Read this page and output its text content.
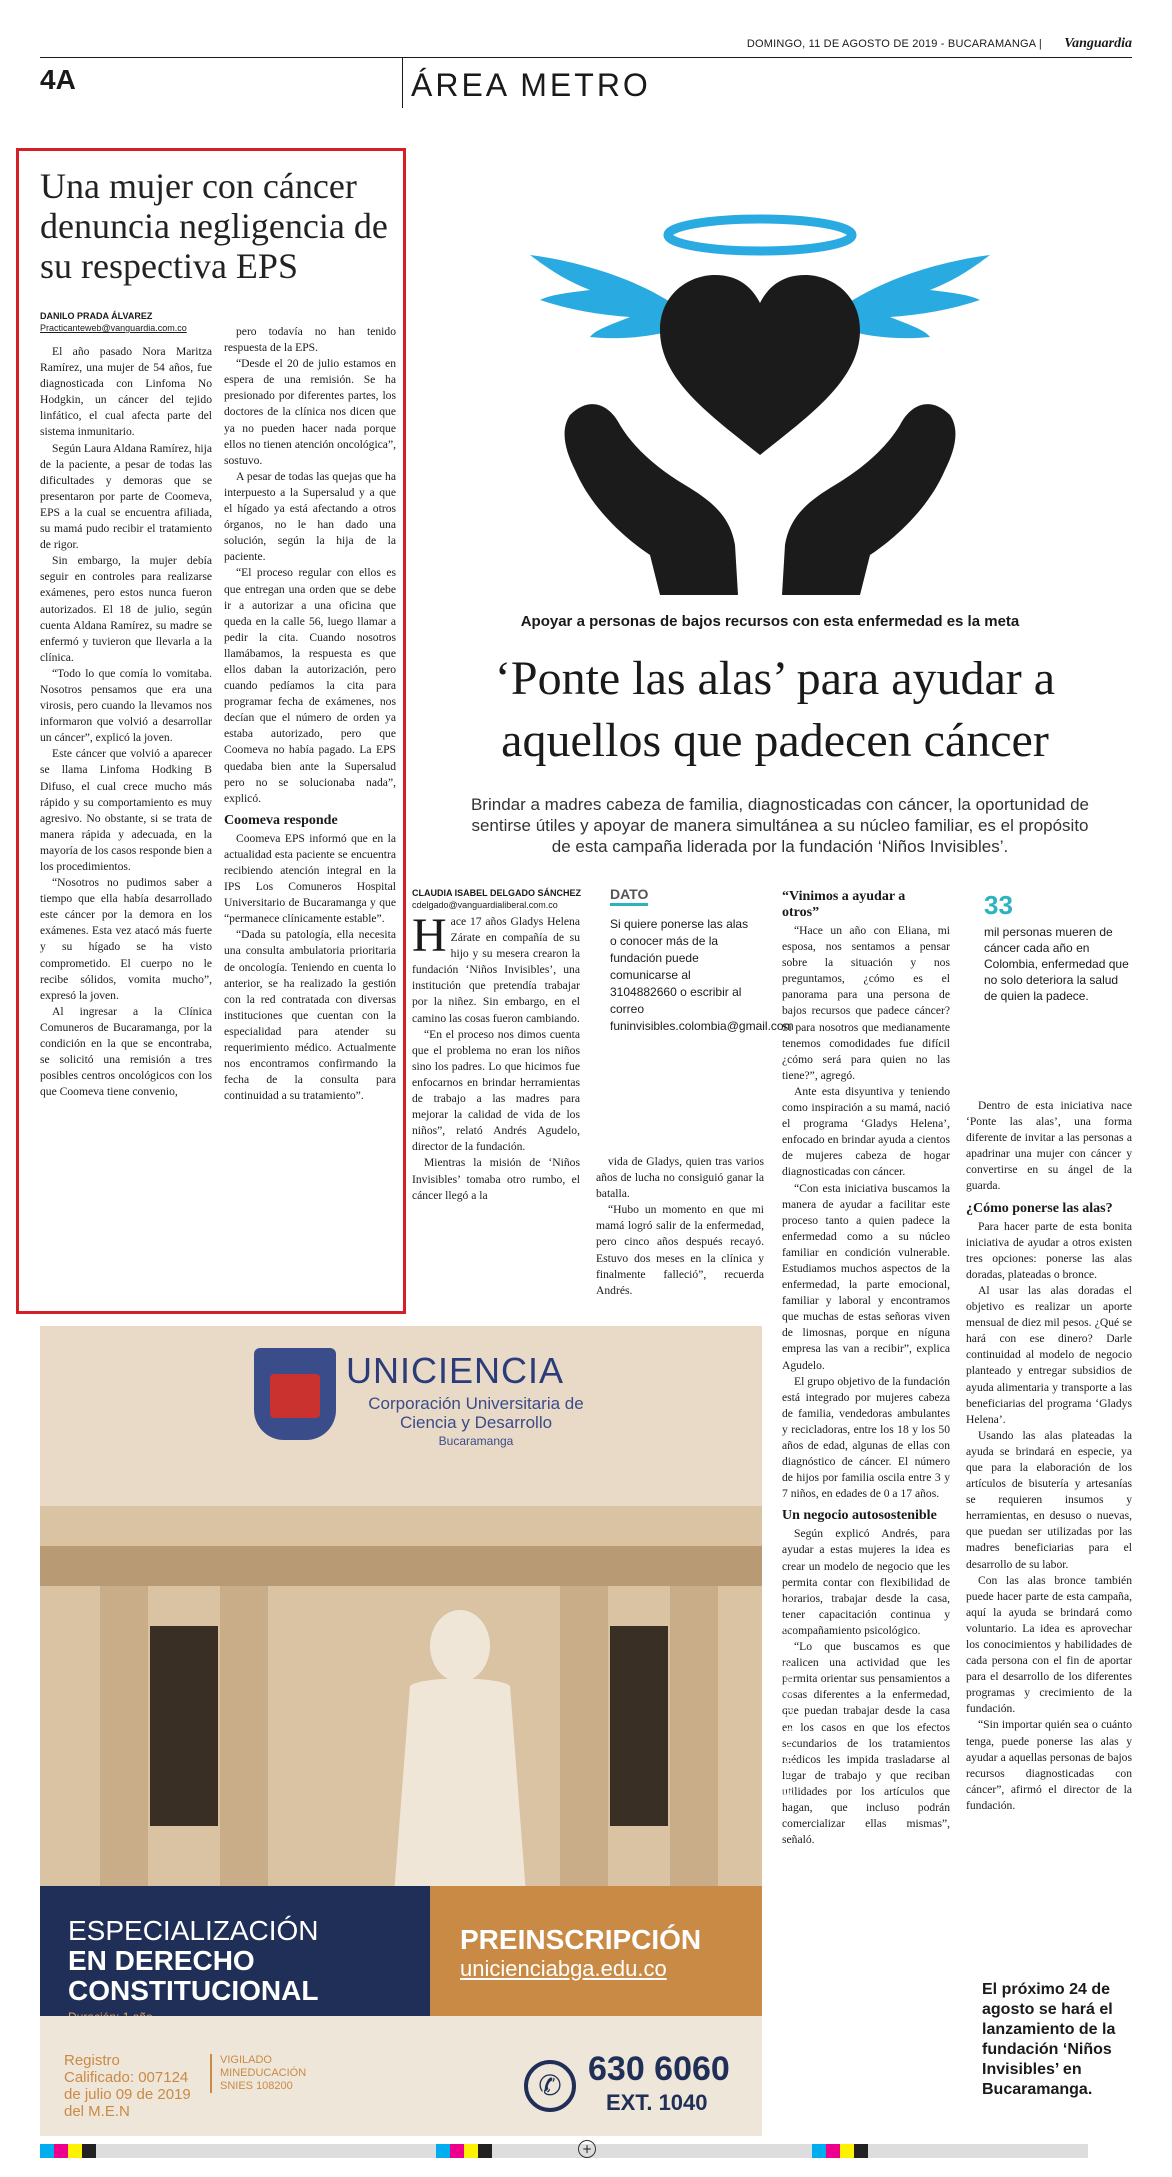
DOMINGO, 11 DE AGOSTO DE 2019 - BUCARAMANGA | Vanguardia
4A	ÁREA METRO
Una mujer con cáncer denuncia negligencia de su respectiva EPS
DANILO PRADA ÁLVAREZ
Practicanteweb@vanguardia.com.co

El año pasado Nora Maritza Ramírez, una mujer de 54 años, fue diagnosticada con Linfoma No Hodgkin, un cáncer del tejido linfático, el cual afecta parte del sistema inmunitario.

Según Laura Aldana Ramírez, hija de la paciente, a pesar de todas las dificultades y demoras que se presentaron por parte de Coomeva, EPS a la cual se encuentra afiliada, su mamá pudo recibir el tratamiento de rigor.

Sin embargo, la mujer debía seguir en controles para realizarse exámenes, pero estos nunca fueron autorizados. El 18 de julio, según cuenta Aldana Ramírez, su madre se enfermó y tuvieron que llevarla a la clínica.

“Todo lo que comía lo vomitaba. Nosotros pensamos que era una virosis, pero cuando la llevamos nos informaron que volvió a desarrollar un cáncer”, explicó la joven.

Este cáncer que volvió a aparecer se llama Linfoma Hodking B Difuso, el cual crece mucho más rápido y su comportamiento es muy agresivo. No obstante, si se trata de manera rápida y adecuada, en la mayoría de los casos responde bien a los procedimientos.

“Nosotros no pudimos saber a tiempo que ella había desarrollado este cáncer por la demora en los exámenes. Esta vez atacó más fuerte y su hígado se ha visto comprometido. El cuerpo no le recibe sólidos, vomita mucho”, expresó la joven.

Al ingresar a la Clínica Comuneros de Bucaramanga, por la condición en la que se encontraba, se solicitó una remisión a tres posibles centros oncológicos con los que Coomeva tiene convenio,

pero todavía no han tenido respuesta de la EPS.

“Desde el 20 de julio estamos en espera de una remisión. Se ha presionado por diferentes partes, los doctores de la clínica nos dicen que ya no pueden hacer nada porque ellos no tienen atención oncológica”, sostuvo.

A pesar de todas las quejas que ha interpuesto a la Supersalud y a que el hígado ya está afectando a otros órganos, no le han dado una solución, según la hija de la paciente.

“El proceso regular con ellos es que entregan una orden que se debe ir a autorizar a una oficina que queda en la calle 56, luego llamar a pedir la cita. Cuando nosotros llamábamos, la respuesta es que ellos daban la autorización, pero cuando pedíamos la cita para programar fecha de exámenes, nos decían que el número de orden ya estaba autorizado, pero que Coomeva no había pagado. La EPS quedaba bien ante la Supersalud pero no se solucionaba nada”, explicó.

Coomeva responde

Coomeva EPS informó que en la actualidad esta paciente se encuentra recibiendo atención integral en la IPS Los Comuneros Hospital Universitario de Bucaramanga y que “permanece clínicamente estable”.

“Dada su patología, ella necesita una consulta ambulatoria prioritaria de oncología. Teniendo en cuenta lo anterior, se ha realizado la gestión con la red contratada con diversas instituciones que cuentan con la especialidad para atender su requerimiento médico. Actualmente nos encontramos confirmando la fecha de la consulta para continuidad a su tratamiento”.

Apoyar a personas de bajos recursos con esta enfermedad es la meta
‘Ponte las alas’ para ayudar a aquellos que padecen cáncer
Brindar a madres cabeza de familia, diagnosticadas con cáncer, la oportunidad de sentirse útiles y apoyar de manera simultánea a su núcleo familiar, es el propósito de esta campaña liderada por la fundación ‘Niños Invisibles’.
CLAUDIA ISABEL DELGADO SÁNCHEZ
cdelgado@vanguardialiberal.com.co

Hace 17 años Gladys Helena Zárate en compañía de su hijo y su mesera crearon la fundación ‘Niños Invisibles’, una institución que pretendía trabajar por la niñez. Sin embargo, en el camino las cosas fueron cambiando.

“En el proceso nos dimos cuenta que el problema no eran los niños sino los padres. Lo que hicimos fue enfocarnos en brindar herramientas de trabajo a las madres para mejorar la calidad de vida de los niños”, relató Andrés Agudelo, director de la fundación.

Mientras la misión de ‘Niños Invisibles’ tomaba otro rumbo, el cáncer llegó a la

vida de Gladys, quien tras varios años de lucha no consiguió ganar la batalla.

“Hubo un momento en que mi mamá logró salir de la enfermedad, pero cinco años después recayó. Estuvo dos meses en la clínica y finalmente falleció”, recuerda Andrés.

DATO
Si quiere ponerse las alas o conocer más de la fundación puede comunicarse al 3104882660 o escribir al correo funinvisibles.colombia@gmail.com
“Vinimos a ayudar a otros”

“Hace un año con Eliana, mi esposa, nos sentamos a pensar sobre la situación y nos preguntamos, ¿cómo es el panorama para una persona de bajos recursos que padece cáncer? Si para nosotros que medianamente tenemos comodidades fue difícil ¿cómo será para quien no las tiene?”, agregó.

Ante esta disyuntiva y teniendo como inspiración a su mamá, nació el programa ‘Gladys Helena’, enfocado en brindar ayuda a cientos de mujeres cabeza de hogar diagnosticadas con cáncer.

“Con esta iniciativa buscamos la manera de ayudar a facilitar este proceso tanto a quien padece la enfermedad como a su núcleo familiar en condición vulnerable. Estudiamos muchos aspectos de la enfermedad, la parte emocional, familiar y laboral y encontramos que muchas de estas señoras viven de limosnas, porque en níguna empresa las van a recibir”, explica Agudelo.

El grupo objetivo de la fundación está integrado por mujeres cabeza de familia, vendedoras ambulantes y recicladoras, entre los 18 y los 50 años de edad, algunas de ellas con diagnóstico de cáncer. El número de hijos por familia oscila entre 3 y 7 niños, en edades de 0 a 17 años.

Un negocio autosostenible

Según explicó Andrés, para ayudar a estas mujeres la idea es crear un modelo de negocio que les permita contar con flexibilidad de horarios, trabajar desde la casa, tener capacitación continua y acompañamiento psicológico.

“Lo que buscamos es que realicen una actividad que les permita orientar sus pensamientos a cosas diferentes a la enfermedad, que puedan trabajar desde la casa en los casos en que los efectos secundarios de los tratamientos médicos les impida trasladarse al lugar de trabajo y que reciban utilidades por los artículos que hagan, que incluso podrán comercializar ellas mismas”, señaló.

33
mil personas mueren de cáncer cada año en Colombia, enfermedad que no solo deteriora la salud de quien la padece.

Dentro de esta iniciativa nace ‘Ponte las alas’, una forma diferente de invitar a las personas a apadrinar una mujer con cáncer y convertirse en su ángel de la guarda.

¿Cómo ponerse las alas?

Para hacer parte de esta bonita iniciativa de ayudar a otros existen tres opciones: ponerse las alas doradas, plateadas o bronce.

Al usar las alas doradas el objetivo es realizar un aporte mensual de diez mil pesos. ¿Qué se hará con ese dinero? Darle continuidad al modelo de negocio planteado y entregar subsidios de ayuda alimentaria y transporte a las beneficiarias del programa ‘Gladys Helena’.

Usando las alas plateadas la ayuda se brindará en especie, ya que para la elaboración de los artículos de bisutería y artesanías se requieren insumos y herramientas, en desuso o nuevas, que puedan ser utilizadas por las madres beneficiarias para el desarrollo de su labor.

Con las alas bronce también puede hacer parte de esta campaña, aquí la ayuda se brindará como voluntario. La idea es aprovechar los conocimientos y habilidades de cada persona con el fin de aportar para el desarrollo de los diferentes programas y crecimiento de la fundación.

“Sin importar quién sea o cuánto tenga, puede ponerse las alas y ayudar a aquellas personas de bajos recursos diagnosticadas con cáncer”, afirmó el director de la fundación.

El próximo 24 de agosto se hará el lanzamiento de la fundación ‘Niños Invisibles’ en Bucaramanga.
UNICIENCIA
Corporación Universitaria de Ciencia y Desarrollo
Bucaramanga
Personería Jurídica Res.020-96
ESPECIALIZACIÓN
EN DERECHO CONSTITUCIONAL
PREINSCRIPCIÓN
unicienciabga.edu.co
Registro Calificado: 007124 de julio 09 de 2019 del M.E.N
VIGILADO MINEDUCACIÓN SNIES 108200	✆ 630 6060
EXT. 1040
+
